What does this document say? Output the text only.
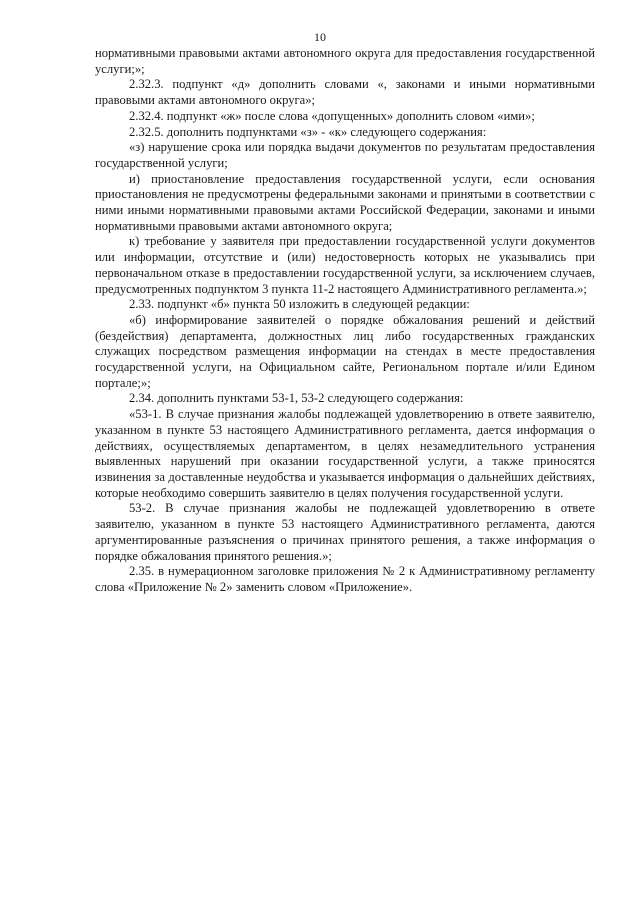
10

нормативными правовыми актами автономного округа для предоставления государственной услуги;»;

2.32.3. подпункт «д» дополнить словами «, законами и иными нормативными правовыми актами автономного округа»;

2.32.4. подпункт «ж» после слова «допущенных» дополнить словом «ими»;

2.32.5. дополнить подпунктами «з» - «к» следующего содержания:

«з) нарушение срока или порядка выдачи документов по результатам предоставления государственной услуги;

и) приостановление предоставления государственной услуги, если основания приостановления не предусмотрены федеральными законами и принятыми в соответствии с ними иными нормативными правовыми актами Российской Федерации, законами и иными нормативными правовыми актами автономного округа;

к) требование у заявителя при предоставлении государственной услуги документов или информации, отсутствие и (или) недостоверность которых не указывались при первоначальном отказе в предоставлении государственной услуги, за исключением случаев, предусмотренных подпунктом 3 пункта 11-2 настоящего Административного регламента.»;

2.33. подпункт «б» пункта 50 изложить в следующей редакции:

«б) информирование заявителей о порядке обжалования решений и действий (бездействия) департамента, должностных лиц либо государственных гражданских служащих посредством размещения информации на стендах в месте предоставления государственной услуги, на Официальном сайте, Региональном портале и/или Едином портале;»;

2.34. дополнить пунктами 53-1, 53-2 следующего содержания:

«53-1. В случае признания жалобы подлежащей удовлетворению в ответе заявителю, указанном в пункте 53 настоящего Административного регламента, дается информация о действиях, осуществляемых департаментом, в целях незамедлительного устранения выявленных нарушений при оказании государственной услуги, а также приносятся извинения за доставленные неудобства и указывается информация о дальнейших действиях, которые необходимо совершить заявителю в целях получения государственной услуги.

53-2. В случае признания жалобы не подлежащей удовлетворению в ответе заявителю, указанном в пункте 53 настоящего Административного регламента, даются аргументированные разъяснения о причинах принятого решения, а также информация о порядке обжалования принятого решения.»;

2.35. в нумерационном заголовке приложения № 2 к Административному регламенту слова «Приложение № 2» заменить словом «Приложение».
